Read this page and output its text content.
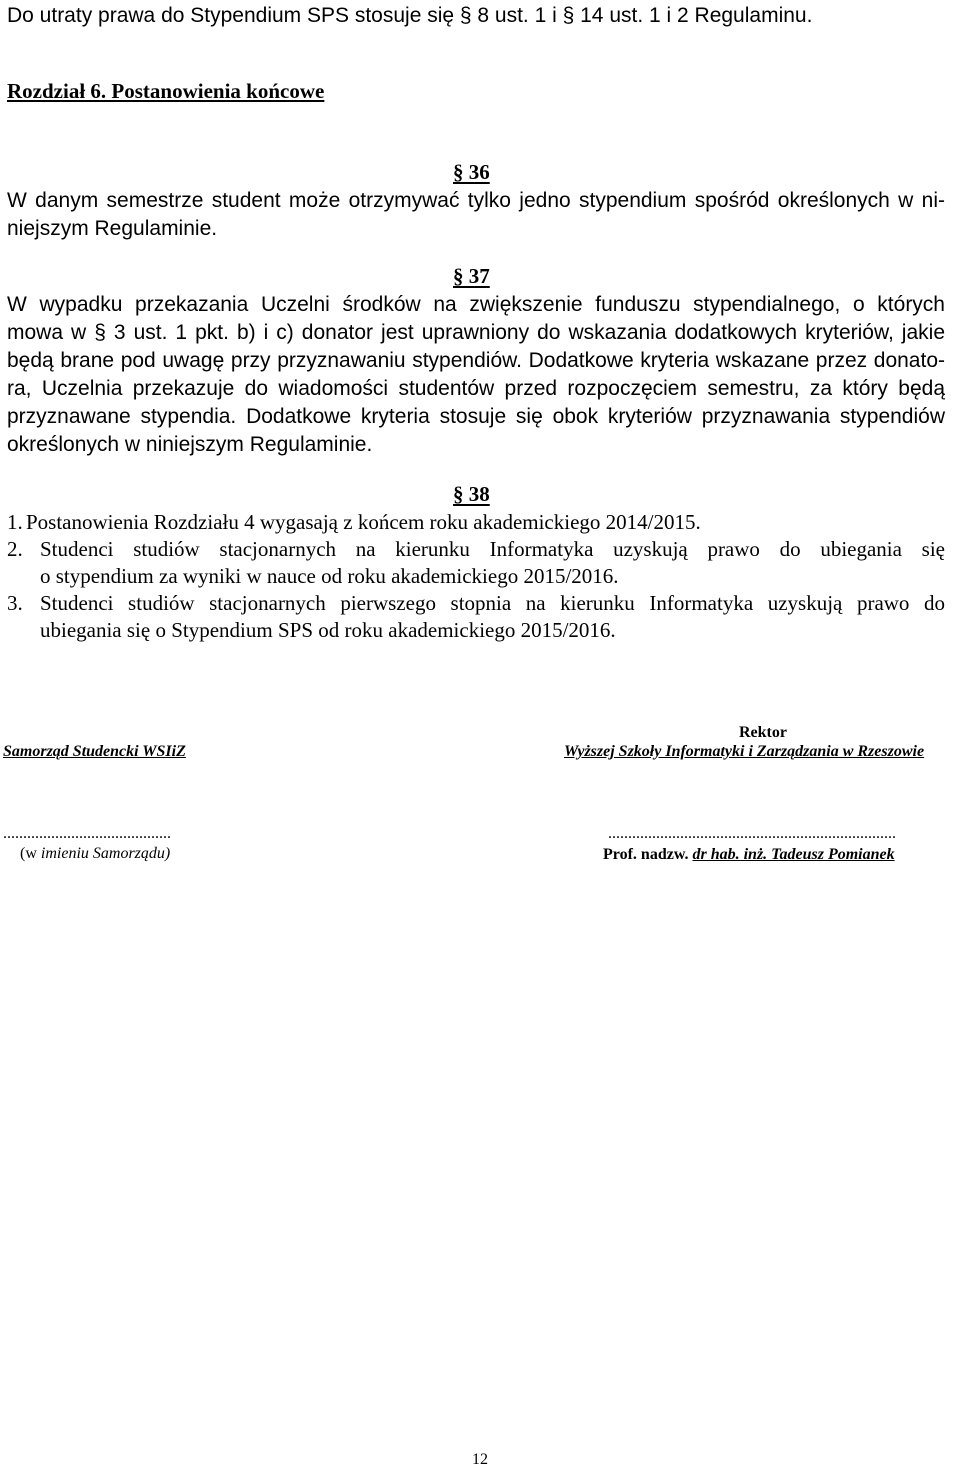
Do utraty prawa do Stypendium SPS stosuje się § 8 ust. 1 i § 14 ust. 1 i 2 Regulaminu.
Rozdział 6. Postanowienia końcowe
§ 36
W danym semestrze student może otrzymywać tylko jedno stypendium spośród określonych w ni-
niejszym Regulaminie.
§ 37
W wypadku przekazania Uczelni środków na zwiększenie funduszu stypendialnego, o których
mowa w § 3 ust. 1 pkt. b) i c) donator jest uprawniony do wskazania dodatkowych kryteriów, jakie
będą brane pod uwagę przy przyznawaniu stypendiów. Dodatkowe kryteria wskazane przez donato-
ra, Uczelnia przekazuje do wiadomości studentów przed rozpoczęciem semestru, za który będą
przyznawane stypendia. Dodatkowe kryteria stosuje się obok kryteriów przyznawania stypendiów
określonych w niniejszym Regulaminie.
§ 38
1. Postanowienia Rozdziału 4 wygasają z końcem roku akademickiego 2014/2015.
2. Studenci studiów stacjonarnych na kierunku Informatyka uzyskują prawo do ubiegania się
o stypendium za wyniki w nauce od roku akademickiego 2015/2016.
3. Studenci studiów stacjonarnych pierwszego stopnia na kierunku Informatyka uzyskują prawo do
ubiegania się o Stypendium SPS od roku akademickiego 2015/2016.
Rektor
Samorząd Studencki WSIiZ	Wyższej Szkoły Informatyki i Zarządzania w Rzeszowie
..........................................	........................................................................
(w imieniu Samorządu)	Prof. nadzw. dr hab. inż. Tadeusz Pomianek
12
